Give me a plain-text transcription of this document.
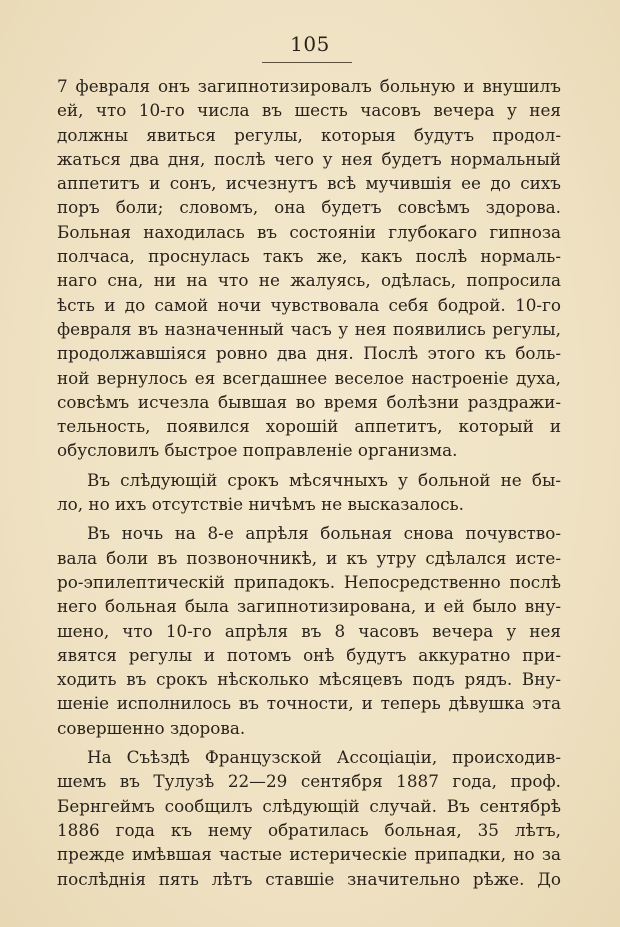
105
7 февраля онъ загипнотизировалъ больную и внушилъ
ей, что 10-го числа въ шесть часовъ вечера у нея
должны явиться регулы, которыя будутъ продол-
жаться два дня, послѣ чего у нея будетъ нормальный
аппетитъ и сонъ, исчезнутъ всѣ мучившія ее до сихъ
поръ боли; словомъ, она будетъ совсѣмъ здорова.
Больная находилась въ состояніи глубокаго гипноза
полчаса, проснулась такъ же, какъ послѣ нормаль-
наго сна, ни на что не жалуясь, одѣлась, попросила
ѣсть и до самой ночи чувствовала себя бодрой. 10-го
февраля въ назначенный часъ у нея появились регулы,
продолжавшіяся ровно два дня. Послѣ этого къ боль-
ной вернулось ея всегдашнее веселое настроеніе духа,
совсѣмъ исчезла бывшая во время болѣзни раздражи-
тельность, появился хорошій аппетитъ, который и
обусловилъ быстрое поправленіе организма.
Въ слѣдующій срокъ мѣсячныхъ у больной не бы-
ло, но ихъ отсутствіе ничѣмъ не высказалось.
Въ ночь на 8-е апрѣля больная снова почувство-
вала боли въ позвоночникѣ, и къ утру сдѣлался исте-
ро-эпилептическій припадокъ. Непосредственно послѣ
него больная была загипнотизирована, и ей было вну-
шено, что 10-го апрѣля въ 8 часовъ вечера у нея
явятся регулы и потомъ онѣ будутъ аккуратно при-
ходить въ срокъ нѣсколько мѣсяцевъ подъ рядъ. Вну-
шеніе исполнилось въ точности, и теперь дѣвушка эта
совершенно здорова.
На Съѣздѣ Французской Ассоціаціи, происходив-
шемъ въ Тулузѣ 22—29 сентября 1887 года, проф.
Бернгеймъ сообщилъ слѣдующій случай. Въ сентябрѣ
1886 года къ нему обратилась больная, 35 лѣтъ,
прежде имѣвшая частые истерическіе припадки, но за
послѣднія пять лѣтъ ставшіе значительно рѣже. До
